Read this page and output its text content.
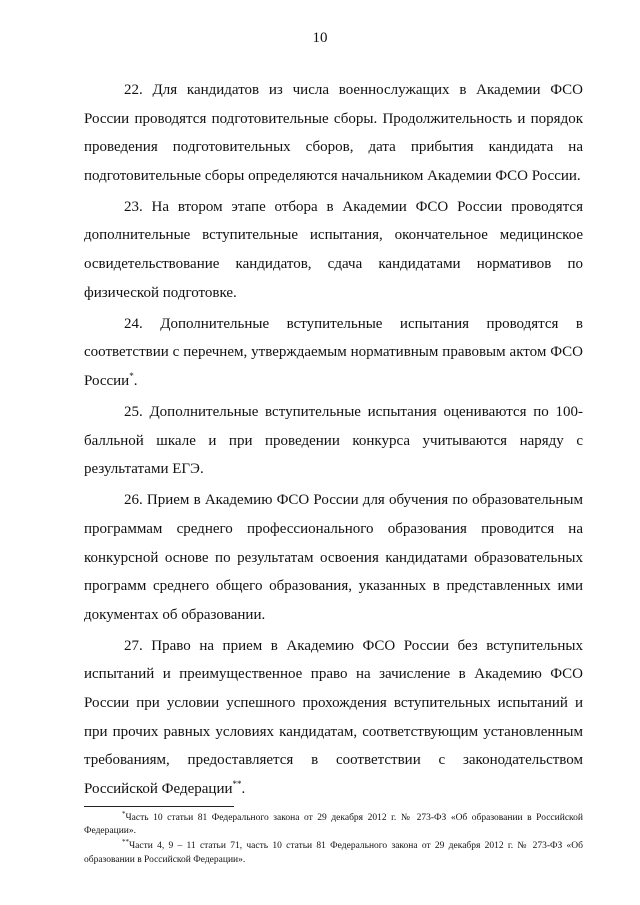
10

22. Для кандидатов из числа военнослужащих в Академии ФСО России проводятся подготовительные сборы. Продолжительность и порядок проведения подготовительных сборов, дата прибытия кандидата на подготовительные сборы определяются начальником Академии ФСО России.

23. На втором этапе отбора в Академии ФСО России проводятся дополнительные вступительные испытания, окончательное медицинское освидетельствование кандидатов, сдача кандидатами нормативов по физической подготовке.

24. Дополнительные вступительные испытания проводятся в соответствии с перечнем, утверждаемым нормативным правовым актом ФСО России*.

25. Дополнительные вступительные испытания оцениваются по 100-балльной шкале и при проведении конкурса учитываются наряду с результатами ЕГЭ.

26. Прием в Академию ФСО России для обучения по образовательным программам среднего профессионального образования проводится на конкурсной основе по результатам освоения кандидатами образовательных программ среднего общего образования, указанных в представленных ими документах об образовании.

27. Право на прием в Академию ФСО России без вступительных испытаний и преимущественное право на зачисление в Академию ФСО России при условии успешного прохождения вступительных испытаний и при прочих равных условиях кандидатам, соответствующим установленным требованиям, предоставляется в соответствии с законодательством Российской Федерации**.

*Часть 10 статьи 81 Федерального закона от 29 декабря 2012 г. № 273-ФЗ «Об образовании в Российской Федерации».

**Части 4, 9 – 11 статьи 71, часть 10 статьи 81 Федерального закона от 29 декабря 2012 г. № 273-ФЗ «Об образовании в Российской Федерации».
